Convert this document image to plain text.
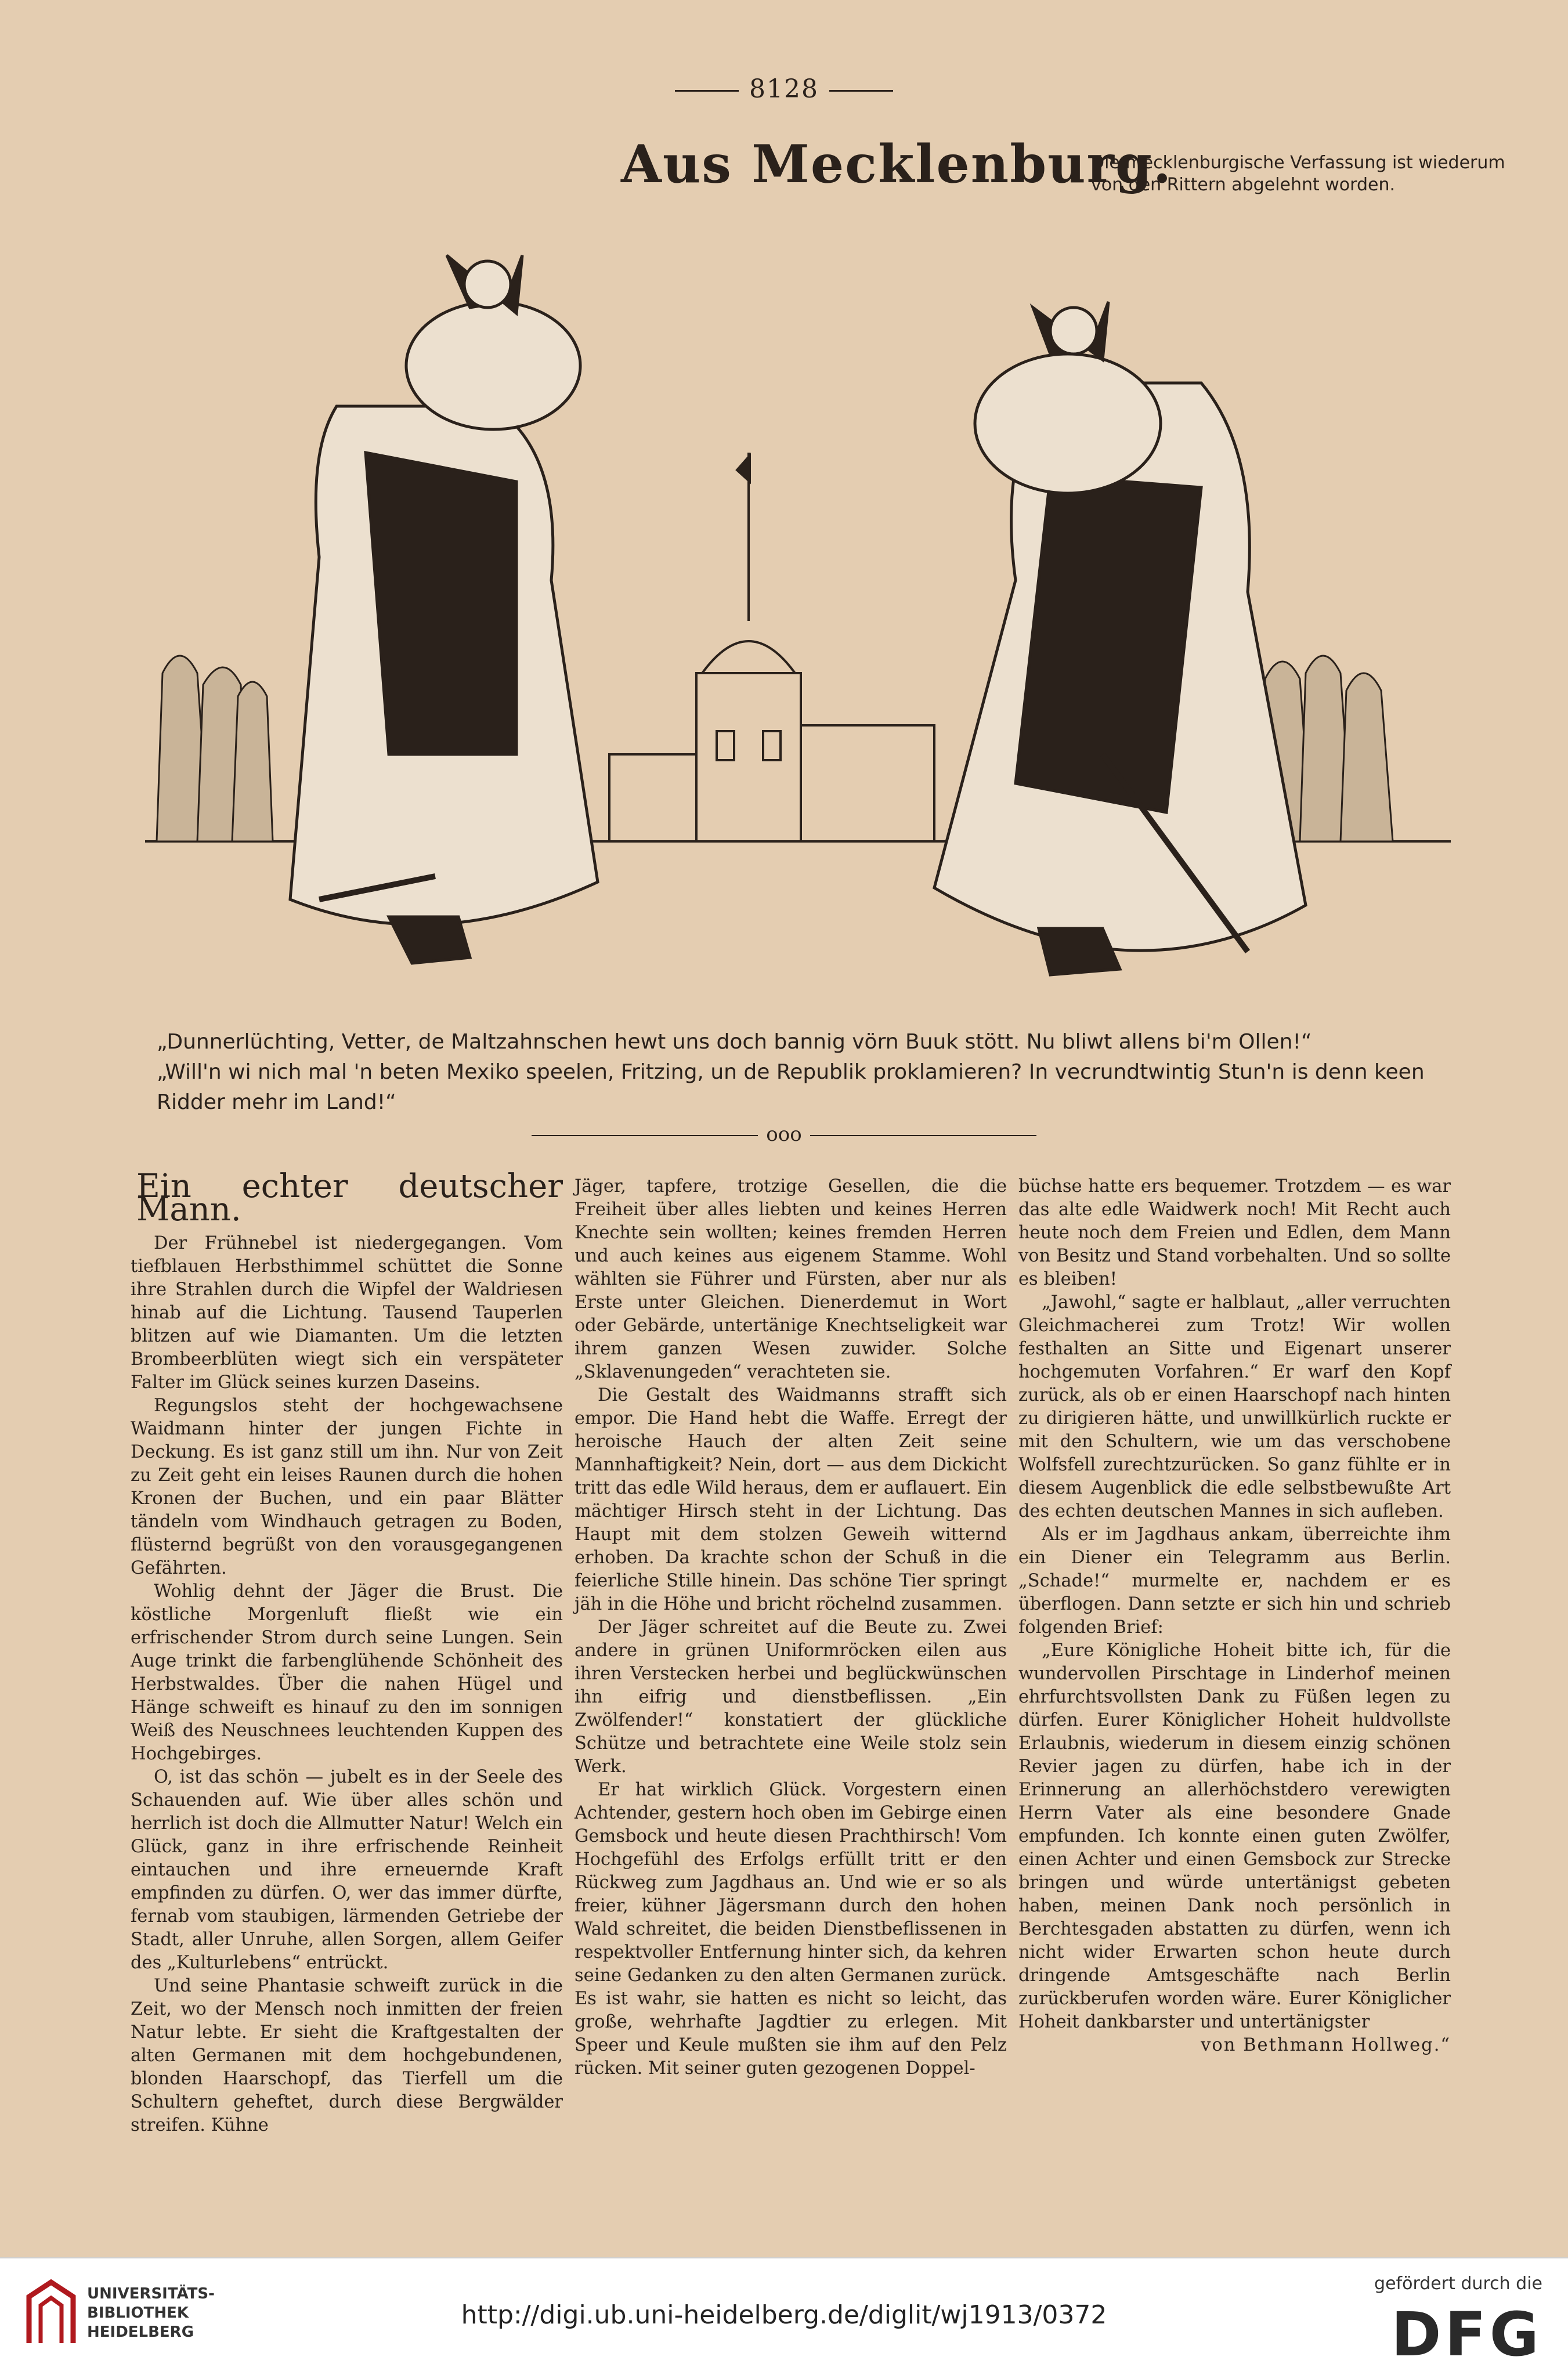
8128
Aus Mecklenburg.
Die mecklenburgische Verfassung ist wiederum
von den Rittern abgelehnt worden.
„Dunnerlüchting, Vetter, de Maltzahnschen hewt uns doch bannig vörn Buuk stött. Nu bliwt allens bi'm Ollen!“
„Will'n wi nich mal 'n beten Mexiko speelen, Fritzing, un de Republik proklamieren? In vecrundtwintig Stun'n is denn keen Ridder mehr im Land!“
ooo
Ein echter deutscher Mann.

Der Frühnebel ist niedergegangen. Vom tiefblauen Herbsthimmel schüttet die Sonne ihre Strahlen durch die Wipfel der Waldriesen hinab auf die Lichtung. Tausend Tauperlen blitzen auf wie Diamanten. Um die letzten Brombeerblüten wiegt sich ein verspäteter Falter im Glück seines kurzen Daseins.

Regungslos steht der hochgewachsene Waidmann hinter der jungen Fichte in Deckung. Es ist ganz still um ihn. Nur von Zeit zu Zeit geht ein leises Raunen durch die hohen Kronen der Buchen, und ein paar Blätter tändeln vom Windhauch getragen zu Boden, flüsternd begrüßt von den vorausgegangenen Gefährten.

Wohlig dehnt der Jäger die Brust. Die köstliche Morgenluft fließt wie ein erfrischender Strom durch seine Lungen. Sein Auge trinkt die farbenglühende Schönheit des Herbstwaldes. Über die nahen Hügel und Hänge schweift es hinauf zu den im sonnigen Weiß des Neuschnees leuchtenden Kuppen des Hochgebirges.

O, ist das schön — jubelt es in der Seele des Schauenden auf. Wie über alles schön und herrlich ist doch die Allmutter Natur! Welch ein Glück, ganz in ihre erfrischende Reinheit eintauchen und ihre erneuernde Kraft empfinden zu dürfen. O, wer das immer dürfte, fernab vom staubigen, lärmenden Getriebe der Stadt, aller Unruhe, allen Sorgen, allem Geifer des „Kulturlebens“ entrückt.

Und seine Phantasie schweift zurück in die Zeit, wo der Mensch noch inmitten der freien Natur lebte. Er sieht die Kraftgestalten der alten Germanen mit dem hochgebundenen, blonden Haarschopf, das Tierfell um die Schultern geheftet, durch diese Bergwälder streifen. Kühne

Jäger, tapfere, trotzige Gesellen, die die Freiheit über alles liebten und keines Herren Knechte sein wollten; keines fremden Herren und auch keines aus eigenem Stamme. Wohl wählten sie Führer und Fürsten, aber nur als Erste unter Gleichen. Dienerdemut in Wort oder Gebärde, untertänige Knechtseligkeit war ihrem ganzen Wesen zuwider. Solche „Sklavenungeden“ verachteten sie.

Die Gestalt des Waidmanns strafft sich empor. Die Hand hebt die Waffe. Erregt der heroische Hauch der alten Zeit seine Mannhaftigkeit? Nein, dort — aus dem Dickicht tritt das edle Wild heraus, dem er auflauert. Ein mächtiger Hirsch steht in der Lichtung. Das Haupt mit dem stolzen Geweih witternd erhoben. Da krachte schon der Schuß in die feierliche Stille hinein. Das schöne Tier springt jäh in die Höhe und bricht röchelnd zusammen.

Der Jäger schreitet auf die Beute zu. Zwei andere in grünen Uniformröcken eilen aus ihren Verstecken herbei und beglückwünschen ihn eifrig und dienstbeflissen. „Ein Zwölfender!“ konstatiert der glückliche Schütze und betrachtete eine Weile stolz sein Werk.

Er hat wirklich Glück. Vorgestern einen Achtender, gestern hoch oben im Gebirge einen Gemsbock und heute diesen Prachthirsch! Vom Hochgefühl des Erfolgs erfüllt tritt er den Rückweg zum Jagdhaus an. Und wie er so als freier, kühner Jägersmann durch den hohen Wald schreitet, die beiden Dienstbeflissenen in respektvoller Entfernung hinter sich, da kehren seine Gedanken zu den alten Germanen zurück. Es ist wahr, sie hatten es nicht so leicht, das große, wehrhafte Jagdtier zu erlegen. Mit Speer und Keule mußten sie ihm auf den Pelz rücken. Mit seiner guten gezogenen Doppel-

büchse hatte ers bequemer. Trotzdem — es war das alte edle Waidwerk noch! Mit Recht auch heute noch dem Freien und Edlen, dem Mann von Besitz und Stand vorbehalten. Und so sollte es bleiben!

„Jawohl,“ sagte er halblaut, „aller verruchten Gleichmacherei zum Trotz! Wir wollen festhalten an Sitte und Eigenart unserer hochgemuten Vorfahren.“ Er warf den Kopf zurück, als ob er einen Haarschopf nach hinten zu dirigieren hätte, und unwillkürlich ruckte er mit den Schultern, wie um das verschobene Wolfsfell zurechtzurücken. So ganz fühlte er in diesem Augenblick die edle selbstbewußte Art des echten deutschen Mannes in sich aufleben.

Als er im Jagdhaus ankam, überreichte ihm ein Diener ein Telegramm aus Berlin. „Schade!“ murmelte er, nachdem er es überflogen. Dann setzte er sich hin und schrieb folgenden Brief:

„Eure Königliche Hoheit bitte ich, für die wundervollen Pirschtage in Linderhof meinen ehrfurchtsvollsten Dank zu Füßen legen zu dürfen. Eurer Königlicher Hoheit huldvollste Erlaubnis, wiederum in diesem einzig schönen Revier jagen zu dürfen, habe ich in der Erinnerung an allerhöchstdero verewigten Herrn Vater als eine besondere Gnade empfunden. Ich konnte einen guten Zwölfer, einen Achter und einen Gemsbock zur Strecke bringen und würde untertänigst gebeten haben, meinen Dank noch persönlich in Berchtesgaden abstatten zu dürfen, wenn ich nicht wider Erwarten schon heute durch dringende Amtsgeschäfte nach Berlin zurückberufen worden wäre. Eurer Königlicher Hoheit dankbarster und untertänigster

von Bethmann Hollweg.“

UNIVERSITÄTS-
BIBLIOTHEK
HEIDELBERG
http://digi.ub.uni-heidelberg.de/diglit/wj1913/0372
gefördert durch die
DFG
